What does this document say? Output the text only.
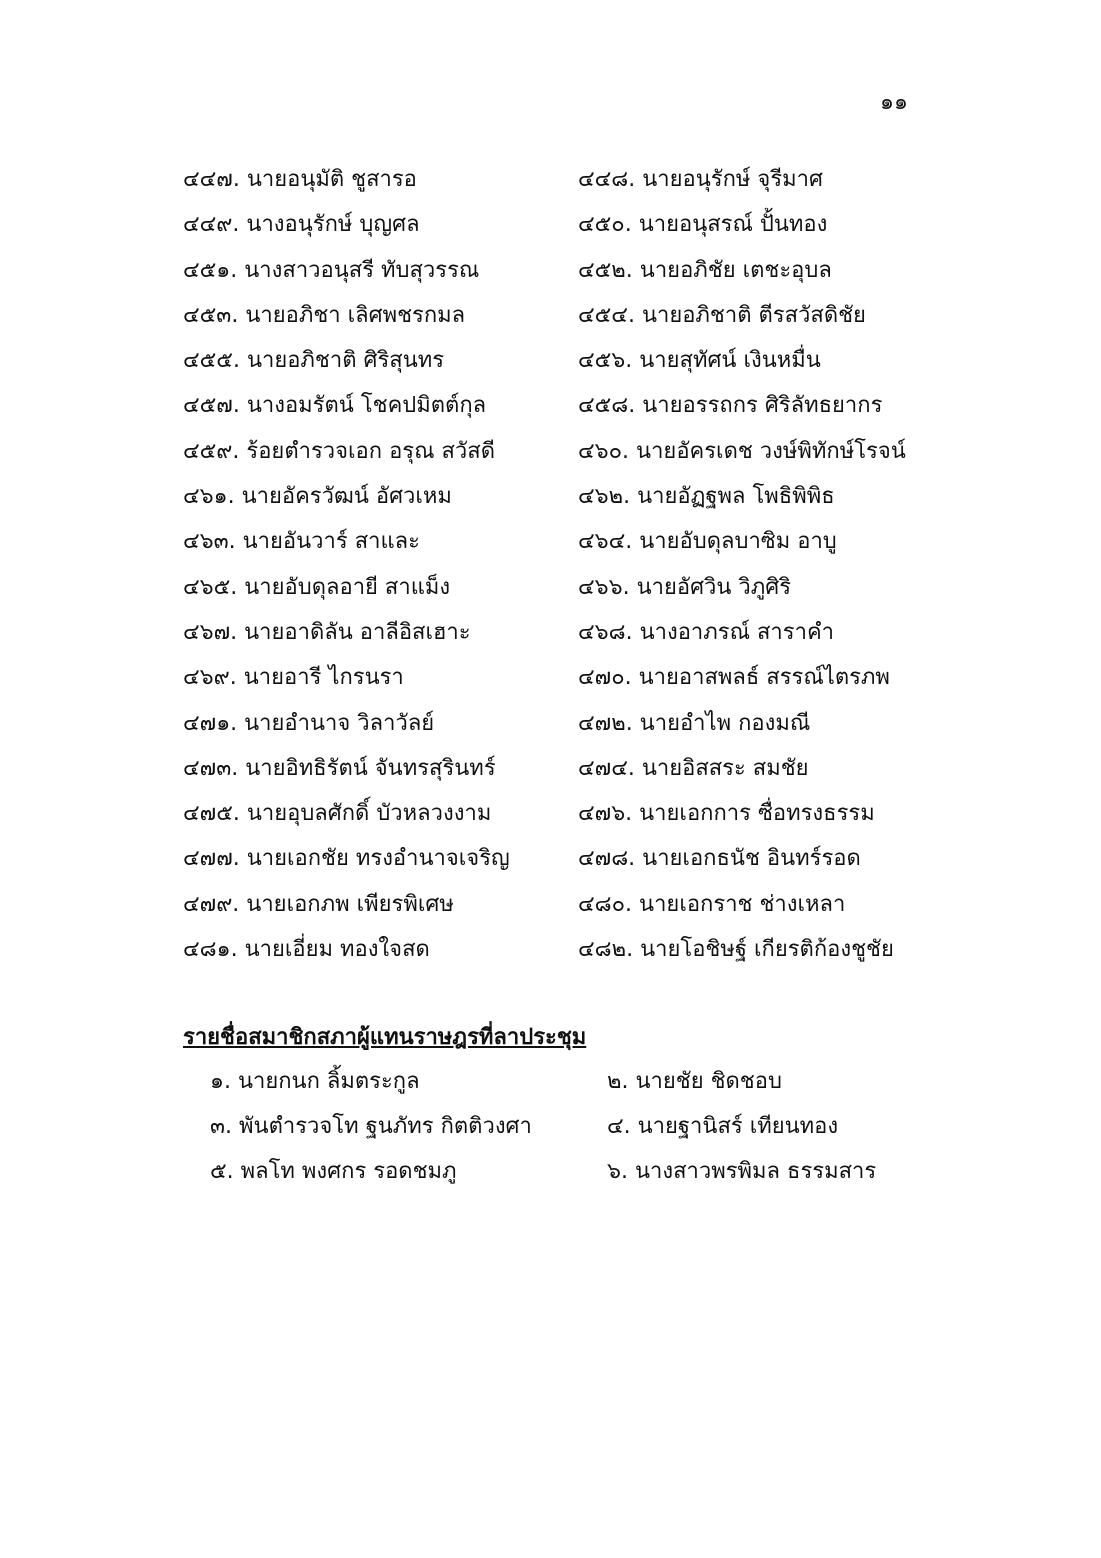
๑๑
๔๔๗. นายอนุมัติ ชูสารอ	๔๔๘. นายอนุรักษ์ จุรีมาศ
๔๔๙. นางอนุรักษ์ บุญศล	๔๕๐. นายอนุสรณ์ ปั้นทอง
๔๕๑. นางสาวอนุสรี ทับสุวรรณ	๔๕๒. นายอภิชัย เตชะอุบล
๔๕๓. นายอภิชา เลิศพชรกมล	๔๕๔. นายอภิชาติ ตีรสวัสดิชัย
๔๕๕. นายอภิชาติ ศิริสุนทร	๔๕๖. นายสุทัศน์ เงินหมื่น
๔๕๗. นางอมรัตน์ โชคปมิตต์กุล	๔๕๘. นายอรรถกร ศิริลัทธยากร
๔๕๙. ร้อยตำรวจเอก อรุณ สวัสดี	๔๖๐. นายอัครเดช วงษ์พิทักษ์โรจน์
๔๖๑. นายอัครวัฒน์ อัศวเหม	๔๖๒. นายอัฏฐพล โพธิพิพิธ
๔๖๓. นายอันวาร์ สาและ	๔๖๔. นายอับดุลบาซิม อาบู
๔๖๕. นายอับดุลอายี สาแม็ง	๔๖๖. นายอัศวิน วิภูศิริ
๔๖๗. นายอาดิลัน อาลีอิสเฮาะ	๔๖๘. นางอาภรณ์ สาราคำ
๔๖๙. นายอารี ไกรนรา	๔๗๐. นายอาสพลธ์ สรรณ์ไตรภพ
๔๗๑. นายอำนาจ วิลาวัลย์	๔๗๒. นายอำไพ กองมณี
๔๗๓. นายอิทธิรัตน์ จันทรสุรินทร์	๔๗๔. นายอิสสระ สมชัย
๔๗๕. นายอุบลศักดิ์ บัวหลวงงาม	๔๗๖. นายเอกการ ซื่อทรงธรรม
๔๗๗. นายเอกชัย ทรงอำนาจเจริญ	๔๗๘. นายเอกธนัช อินทร์รอด
๔๗๙. นายเอกภพ เพียรพิเศษ	๔๘๐. นายเอกราช ช่างเหลา
๔๘๑. นายเอี่ยม ทองใจสด	๔๘๒. นายโอชิษฐ์ เกียรติก้องชูชัย
รายชื่อสมาชิกสภาผู้แทนราษฎรที่ลาประชุม
๑. นายกนก ลิ้มตระกูล	๒. นายชัย ชิดชอบ
๓. พันตำรวจโท ฐนภัทร กิตติวงศา	๔. นายฐานิสร์ เทียนทอง
๕. พลโท พงศกร รอดชมภู	๖. นางสาวพรพิมล ธรรมสาร
